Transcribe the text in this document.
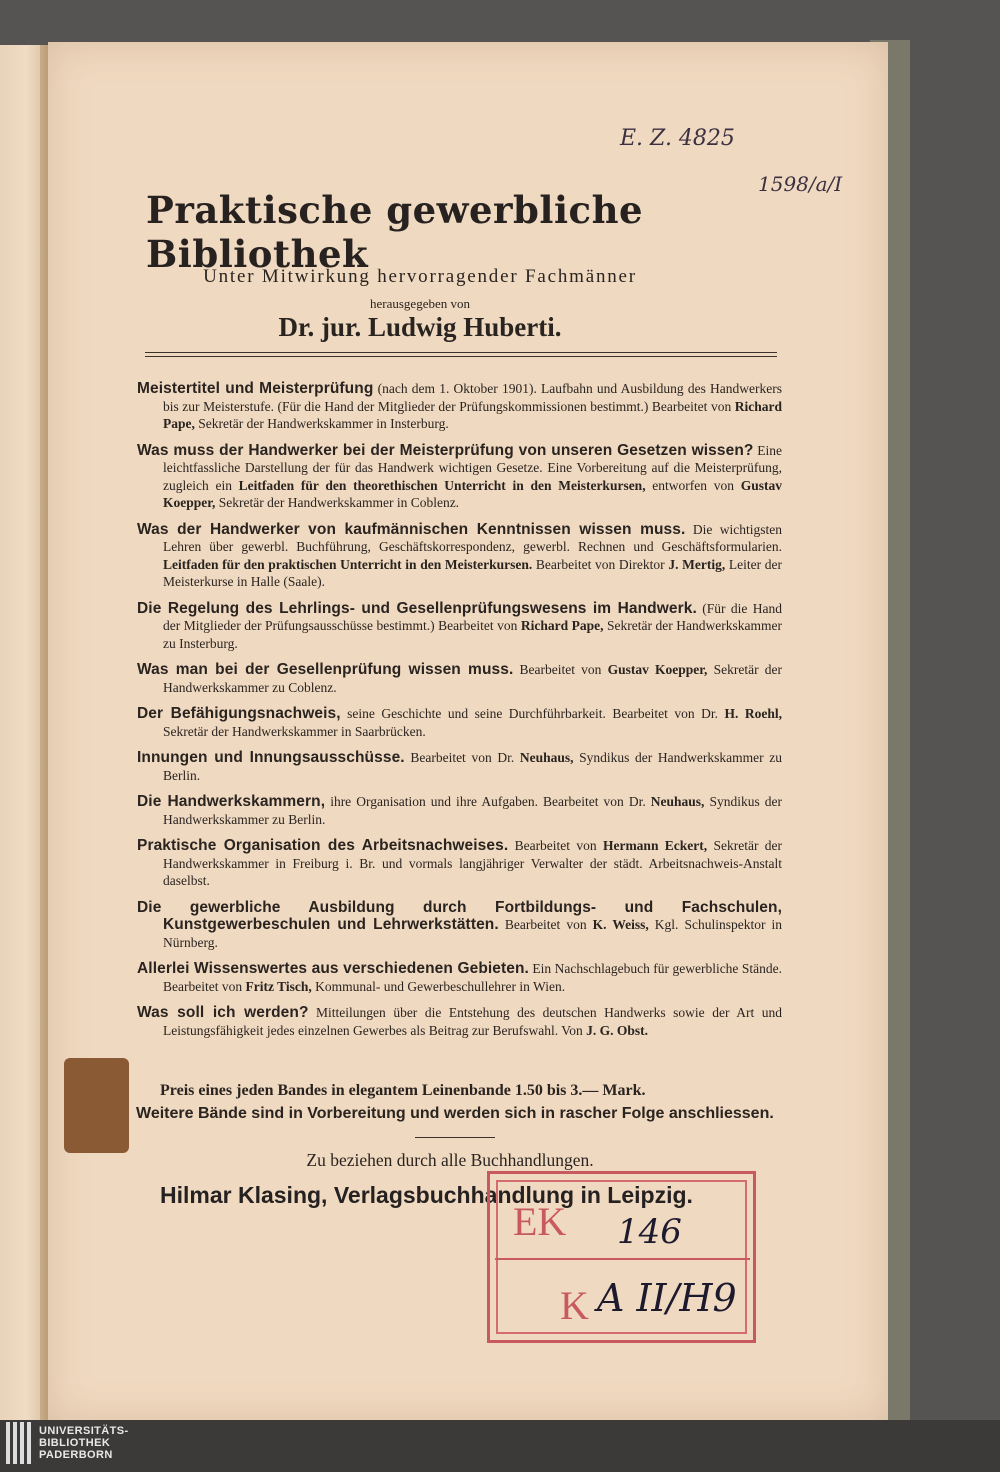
E. Z. 4825
1598/a/I
Praktische gewerbliche Bibliothek
Unter Mitwirkung hervorragender Fachmänner
herausgegeben von
Dr. jur. Ludwig Huberti.
Meistertitel und Meisterprüfung (nach dem 1. Oktober 1901). Laufbahn und Ausbildung des Handwerkers bis zur Meisterstufe. (Für die Hand der Mitglieder der Prüfungskommissionen bestimmt.) Bearbeitet von Richard Pape, Sekretär der Handwerkskammer in Insterburg.
Was muss der Handwerker bei der Meisterprüfung von unseren Gesetzen wissen? Eine leichtfassliche Darstellung der für das Handwerk wichtigen Gesetze. Eine Vorbereitung auf die Meisterprüfung, zugleich ein Leitfaden für den theorethischen Unterricht in den Meisterkursen, entworfen von Gustav Koepper, Sekretär der Handwerkskammer in Coblenz.
Was der Handwerker von kaufmännischen Kenntnissen wissen muss. Die wichtigsten Lehren über gewerbl. Buchführung, Geschäftskorrespondenz, gewerbl. Rechnen und Geschäftsformularien. Leitfaden für den praktischen Unterricht in den Meisterkursen. Bearbeitet von Direktor J. Mertig, Leiter der Meisterkurse in Halle (Saale).
Die Regelung des Lehrlings- und Gesellenprüfungswesens im Handwerk. (Für die Hand der Mitglieder der Prüfungsausschüsse bestimmt.) Bearbeitet von Richard Pape, Sekretär der Handwerkskammer zu Insterburg.
Was man bei der Gesellenprüfung wissen muss. Bearbeitet von Gustav Koepper, Sekretär der Handwerkskammer zu Coblenz.
Der Befähigungsnachweis, seine Geschichte und seine Durchführbarkeit. Bearbeitet von Dr. H. Roehl, Sekretär der Handwerkskammer in Saarbrücken.
Innungen und Innungsausschüsse. Bearbeitet von Dr. Neuhaus, Syndikus der Handwerkskammer zu Berlin.
Die Handwerkskammern, ihre Organisation und ihre Aufgaben. Bearbeitet von Dr. Neuhaus, Syndikus der Handwerkskammer zu Berlin.
Praktische Organisation des Arbeitsnachweises. Bearbeitet von Hermann Eckert, Sekretär der Handwerkskammer in Freiburg i. Br. und vormals langjähriger Verwalter der städt. Arbeitsnachweis-Anstalt daselbst.
Die gewerbliche Ausbildung durch Fortbildungs- und Fachschulen, Kunstgewerbeschulen und Lehrwerkstätten. Bearbeitet von K. Weiss, Kgl. Schulinspektor in Nürnberg.
Allerlei Wissenswertes aus verschiedenen Gebieten. Ein Nachschlagebuch für gewerbliche Stände. Bearbeitet von Fritz Tisch, Kommunal- und Gewerbeschullehrer in Wien.
Was soll ich werden? Mitteilungen über die Entstehung des deutschen Handwerks sowie der Art und Leistungsfähigkeit jedes einzelnen Gewerbes als Beitrag zur Berufswahl. Von J. G. Obst.
Preis eines jeden Bandes in elegantem Leinenbande 1.50 bis 3.— Mark.
Weitere Bände sind in Vorbereitung und werden sich in rascher Folge anschliessen.
Zu beziehen durch alle Buchhandlungen.
Hilmar Klasing, Verlagsbuchhandlung in Leipzig.
EK 146
K A II/H9
UNIVERSITÄTS-
BIBLIOTHEK
PADERBORN
